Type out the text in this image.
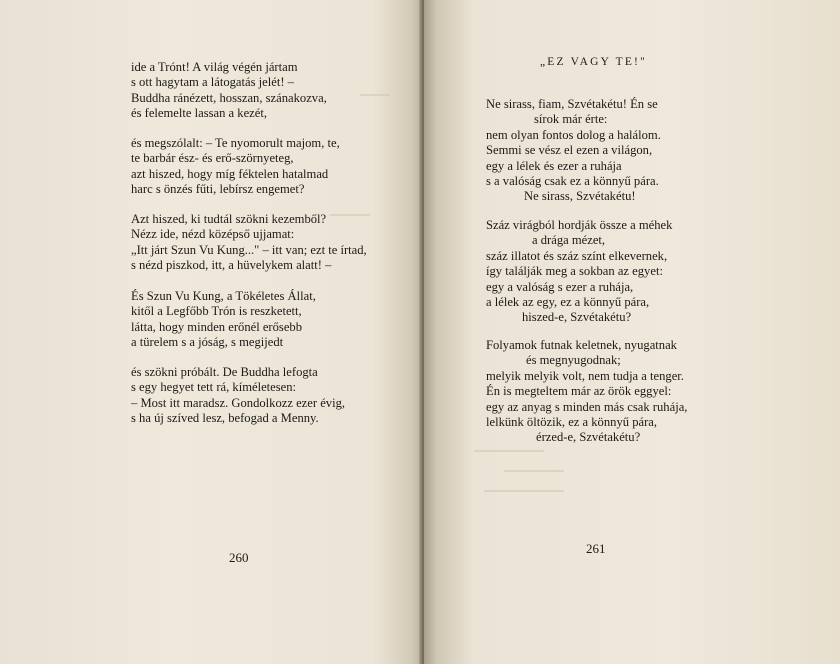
ide a Trónt! A világ végén jártam
s ott hagytam a látogatás jelét! –
Buddha ránézett, hosszan, szánakozva,
és felemelte lassan a kezét,
és megszólalt: – Te nyomorult majom, te,
te barbár ész- és erő-szörnyeteg,
azt hiszed, hogy míg féktelen hatalmad
harc s önzés fűti, lebírsz engemet?
Azt hiszed, ki tudtál szökni kezemből?
Nézz ide, nézd középső ujjamat:
„Itt járt Szun Vu Kung..." – itt van; ezt te írtad,
s nézd piszkod, itt, a hüvelykem alatt! –
És Szun Vu Kung, a Tökéletes Állat,
kitől a Legfőbb Trón is reszketett,
látta, hogy minden erőnél erősebb
a türelem s a jóság, s megijedt
és szökni próbált. De Buddha lefogta
s egy hegyet tett rá, kíméletesen:
– Most itt maradsz. Gondolkozz ezer évig,
s ha új szíved lesz, befogad a Menny.
260
„EZ VAGY TE!"
Ne sirass, fiam, Szvétakétu! Én se
sírok már érte:
nem olyan fontos dolog a halálom.
Semmi se vész el ezen a világon,
egy a lélek és ezer a ruhája
s a valóság csak ez a könnyű pára.
Ne sirass, Szvétakétu!
Száz virágból hordják össze a méhek
a drága mézet,
száz illatot és száz színt elkevernek,
így találják meg a sokban az egyet:
egy a valóság s ezer a ruhája,
a lélek az egy, ez a könnyű pára,
hiszed-e, Szvétakétu?
Folyamok futnak keletnek, nyugatnak
és megnyugodnak;
melyik melyik volt, nem tudja a tenger.
Én is megteltem már az örök eggyel:
egy az anyag s minden más csak ruhája,
lelkünk öltözik, ez a könnyű pára,
érzed-e, Szvétakétu?
261
